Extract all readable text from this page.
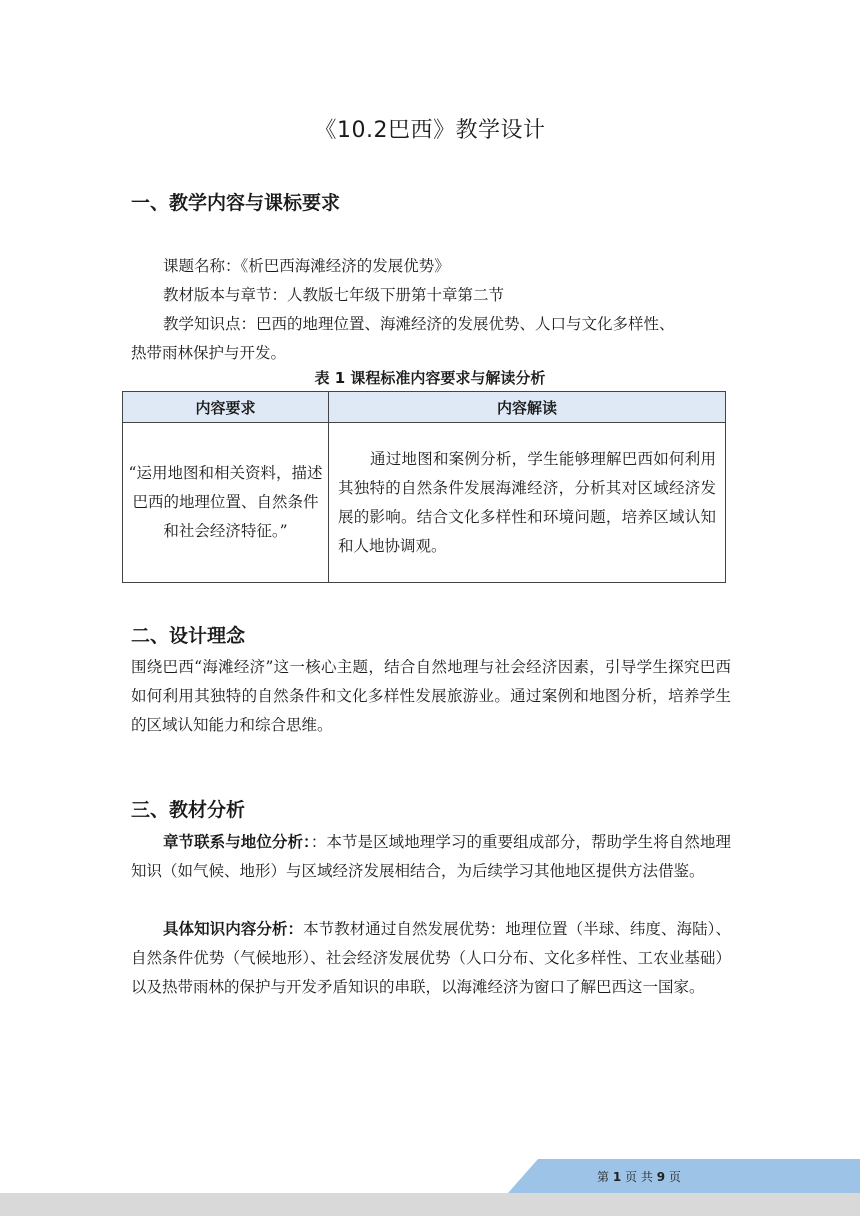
《10.2巴西》教学设计
一、教学内容与课标要求
课题名称：《析巴西海滩经济的发展优势》
教材版本与章节：人教版七年级下册第十章第二节
教学知识点：巴西的地理位置、海滩经济的发展优势、人口与文化多样性、
热带雨林保护与开发。
表 1 课程标准内容要求与解读分析
内容要求	内容解读
“运用地图和相关资料，描述巴西的地理位置、自然条件和社会经济特征。”	通过地图和案例分析，学生能够理解巴西如何利用其独特的自然条件发展海滩经济，分析其对区域经济发展的影响。结合文化多样性和环境问题，培养区域认知和人地协调观。
二、设计理念
围绕巴西“海滩经济”这一核心主题，结合自然地理与社会经济因素，引导学生探究巴西如何利用其独特的自然条件和文化多样性发展旅游业。通过案例和地图分析，培养学生的区域认知能力和综合思维。
三、教材分析
章节联系与地位分析：：本节是区域地理学习的重要组成部分，帮助学生将自然地理知识（如气候、地形）与区域经济发展相结合，为后续学习其他地区提供方法借鉴。
具体知识内容分析：本节教材通过自然发展优势：地理位置（半球、纬度、海陆）、自然条件优势（气候地形）、社会经济发展优势（人口分布、文化多样性、工农业基础）以及热带雨林的保护与开发矛盾知识的串联，以海滩经济为窗口了解巴西这一国家。
第 1 页 共 9 页
